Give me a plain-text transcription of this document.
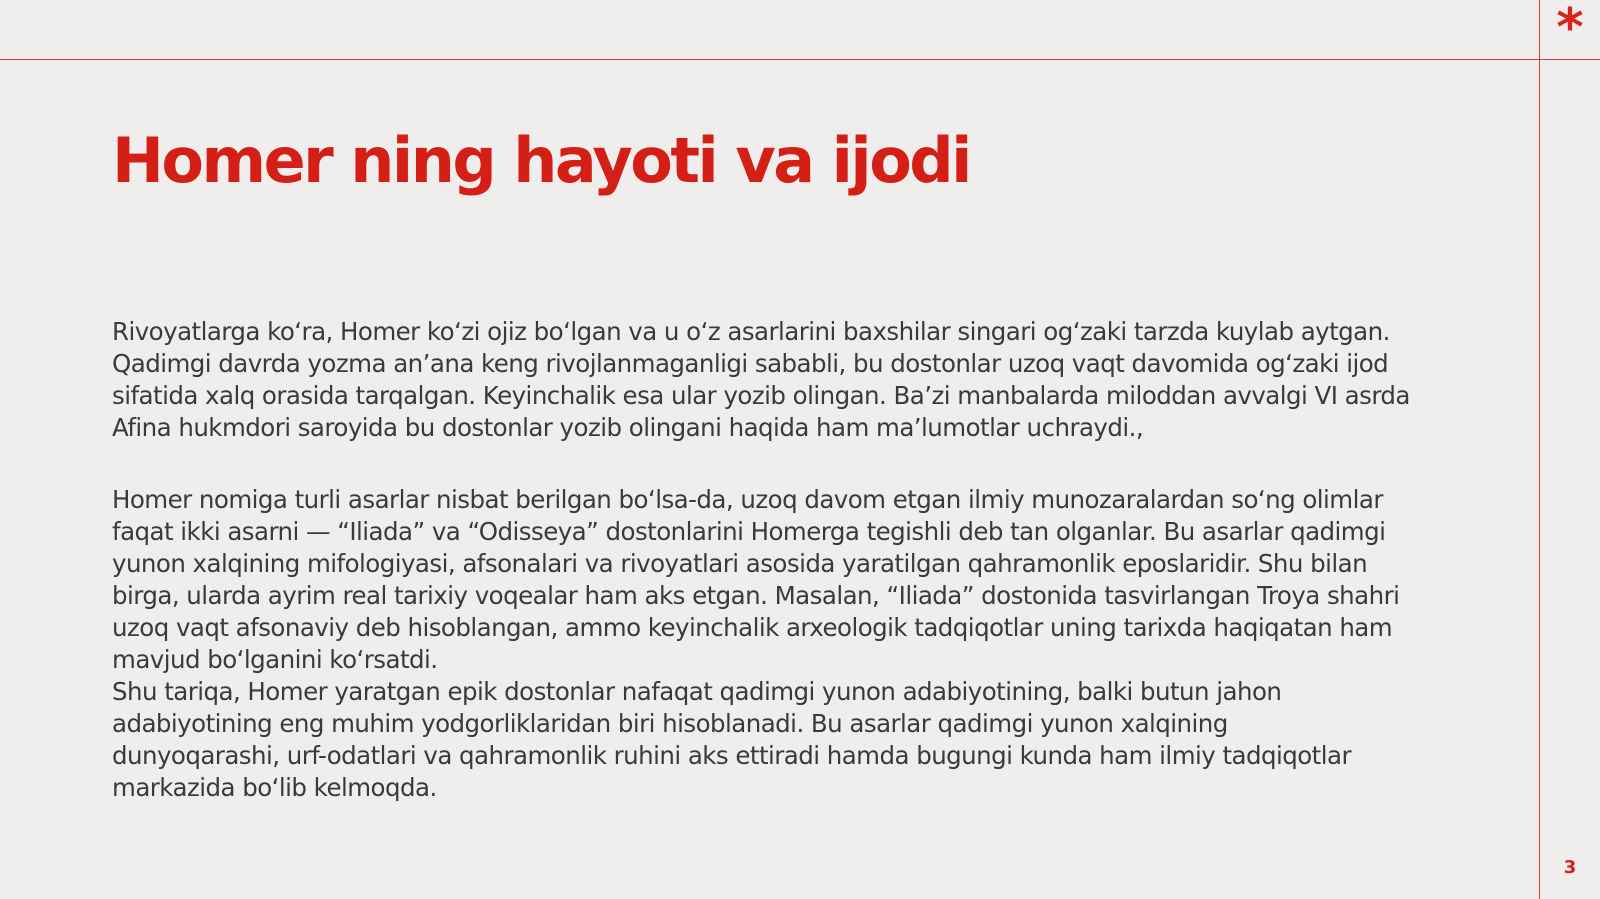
*
Homer ning hayoti va ijodi

Rivoyatlarga ko‘ra, Homer ko‘zi ojiz bo‘lgan va u o‘z asarlarini baxshilar singari og‘zaki tarzda kuylab aytgan.
Qadimgi davrda yozma an’ana keng rivojlanmaganligi sababli, bu dostonlar uzoq vaqt davomida og‘zaki ijod
sifatida xalq orasida tarqalgan. Keyinchalik esa ular yozib olingan. Ba’zi manbalarda miloddan avvalgi VI asrda
Afina hukmdori saroyida bu dostonlar yozib olingani haqida ham ma’lumotlar uchraydi.,

Homer nomiga turli asarlar nisbat berilgan bo‘lsa-da, uzoq davom etgan ilmiy munozaralardan so‘ng olimlar
faqat ikki asarni — “Iliada” va “Odisseya” dostonlarini Homerga tegishli deb tan olganlar. Bu asarlar qadimgi
yunon xalqining mifologiyasi, afsonalari va rivoyatlari asosida yaratilgan qahramonlik eposlaridir. Shu bilan
birga, ularda ayrim real tarixiy voqealar ham aks etgan. Masalan, “Iliada” dostonida tasvirlangan Troya shahri
uzoq vaqt afsonaviy deb hisoblangan, ammo keyinchalik arxeologik tadqiqotlar uning tarixda haqiqatan ham
mavjud bo‘lganini ko‘rsatdi.

Shu tariqa, Homer yaratgan epik dostonlar nafaqat qadimgi yunon adabiyotining, balki butun jahon
adabiyotining eng muhim yodgorliklaridan biri hisoblanadi. Bu asarlar qadimgi yunon xalqining
dunyoqarashi, urf-odatlari va qahramonlik ruhini aks ettiradi hamda bugungi kunda ham ilmiy tadqiqotlar
markazida bo‘lib kelmoqda.

3
